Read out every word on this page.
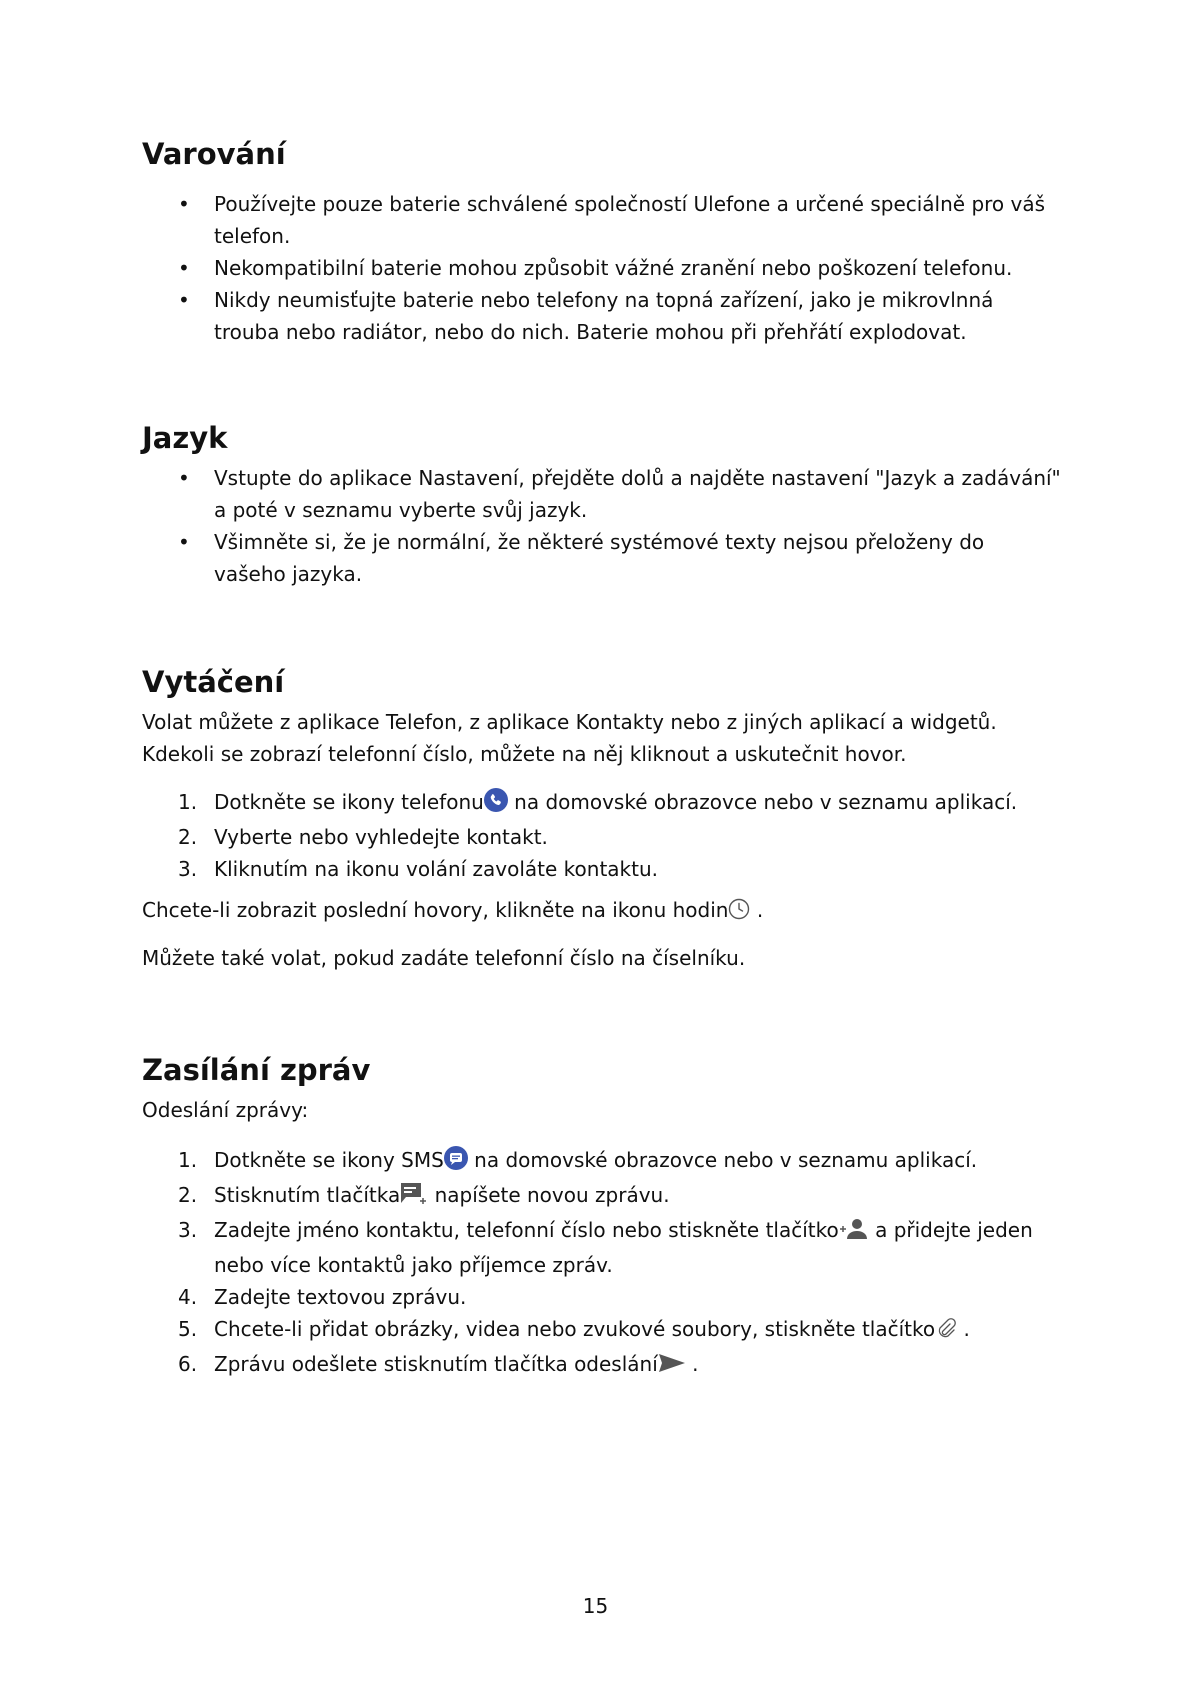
Varování
• Používejte pouze baterie schválené společností Ulefone a určené speciálně pro váš telefon.
• Nekompatibilní baterie mohou způsobit vážné zranění nebo poškození telefonu.
• Nikdy neumisťujte baterie nebo telefony na topná zařízení, jako je mikrovlnná trouba nebo radiátor, nebo do nich. Baterie mohou při přehřátí explodovat.
Jazyk
• Vstupte do aplikace Nastavení, přejděte dolů a najděte nastavení "Jazyk a zadávání" a poté v seznamu vyberte svůj jazyk.
• Všimněte si, že je normální, že některé systémové texty nejsou přeloženy do vašeho jazyka.
Vytáčení

Volat můžete z aplikace Telefon, z aplikace Kontakty nebo z jiných aplikací a widgetů. Kdekoli se zobrazí telefonní číslo, můžete na něj kliknout a uskutečnit hovor.

1. Dotkněte se ikony telefonu na domovské obrazovce nebo v seznamu aplikací.
2. Vyberte nebo vyhledejte kontakt.
3. Kliknutím na ikonu volání zavoláte kontaktu.

Chcete-li zobrazit poslední hovory, klikněte na ikonu hodin .

Můžete také volat, pokud zadáte telefonní číslo na číselníku.

Zasílání zpráv

Odeslání zprávy:

1. Dotkněte se ikony SMS na domovské obrazovce nebo v seznamu aplikací.
2. Stisknutím tlačítka napíšete novou zprávu.
3. Zadejte jméno kontaktu, telefonní číslo nebo stiskněte tlačítko a přidejte jeden nebo více kontaktů jako příjemce zpráv.
4. Zadejte textovou zprávu.
5. Chcete-li přidat obrázky, videa nebo zvukové soubory, stiskněte tlačítko .
6. Zprávu odešlete stisknutím tlačítka odeslání .
15
